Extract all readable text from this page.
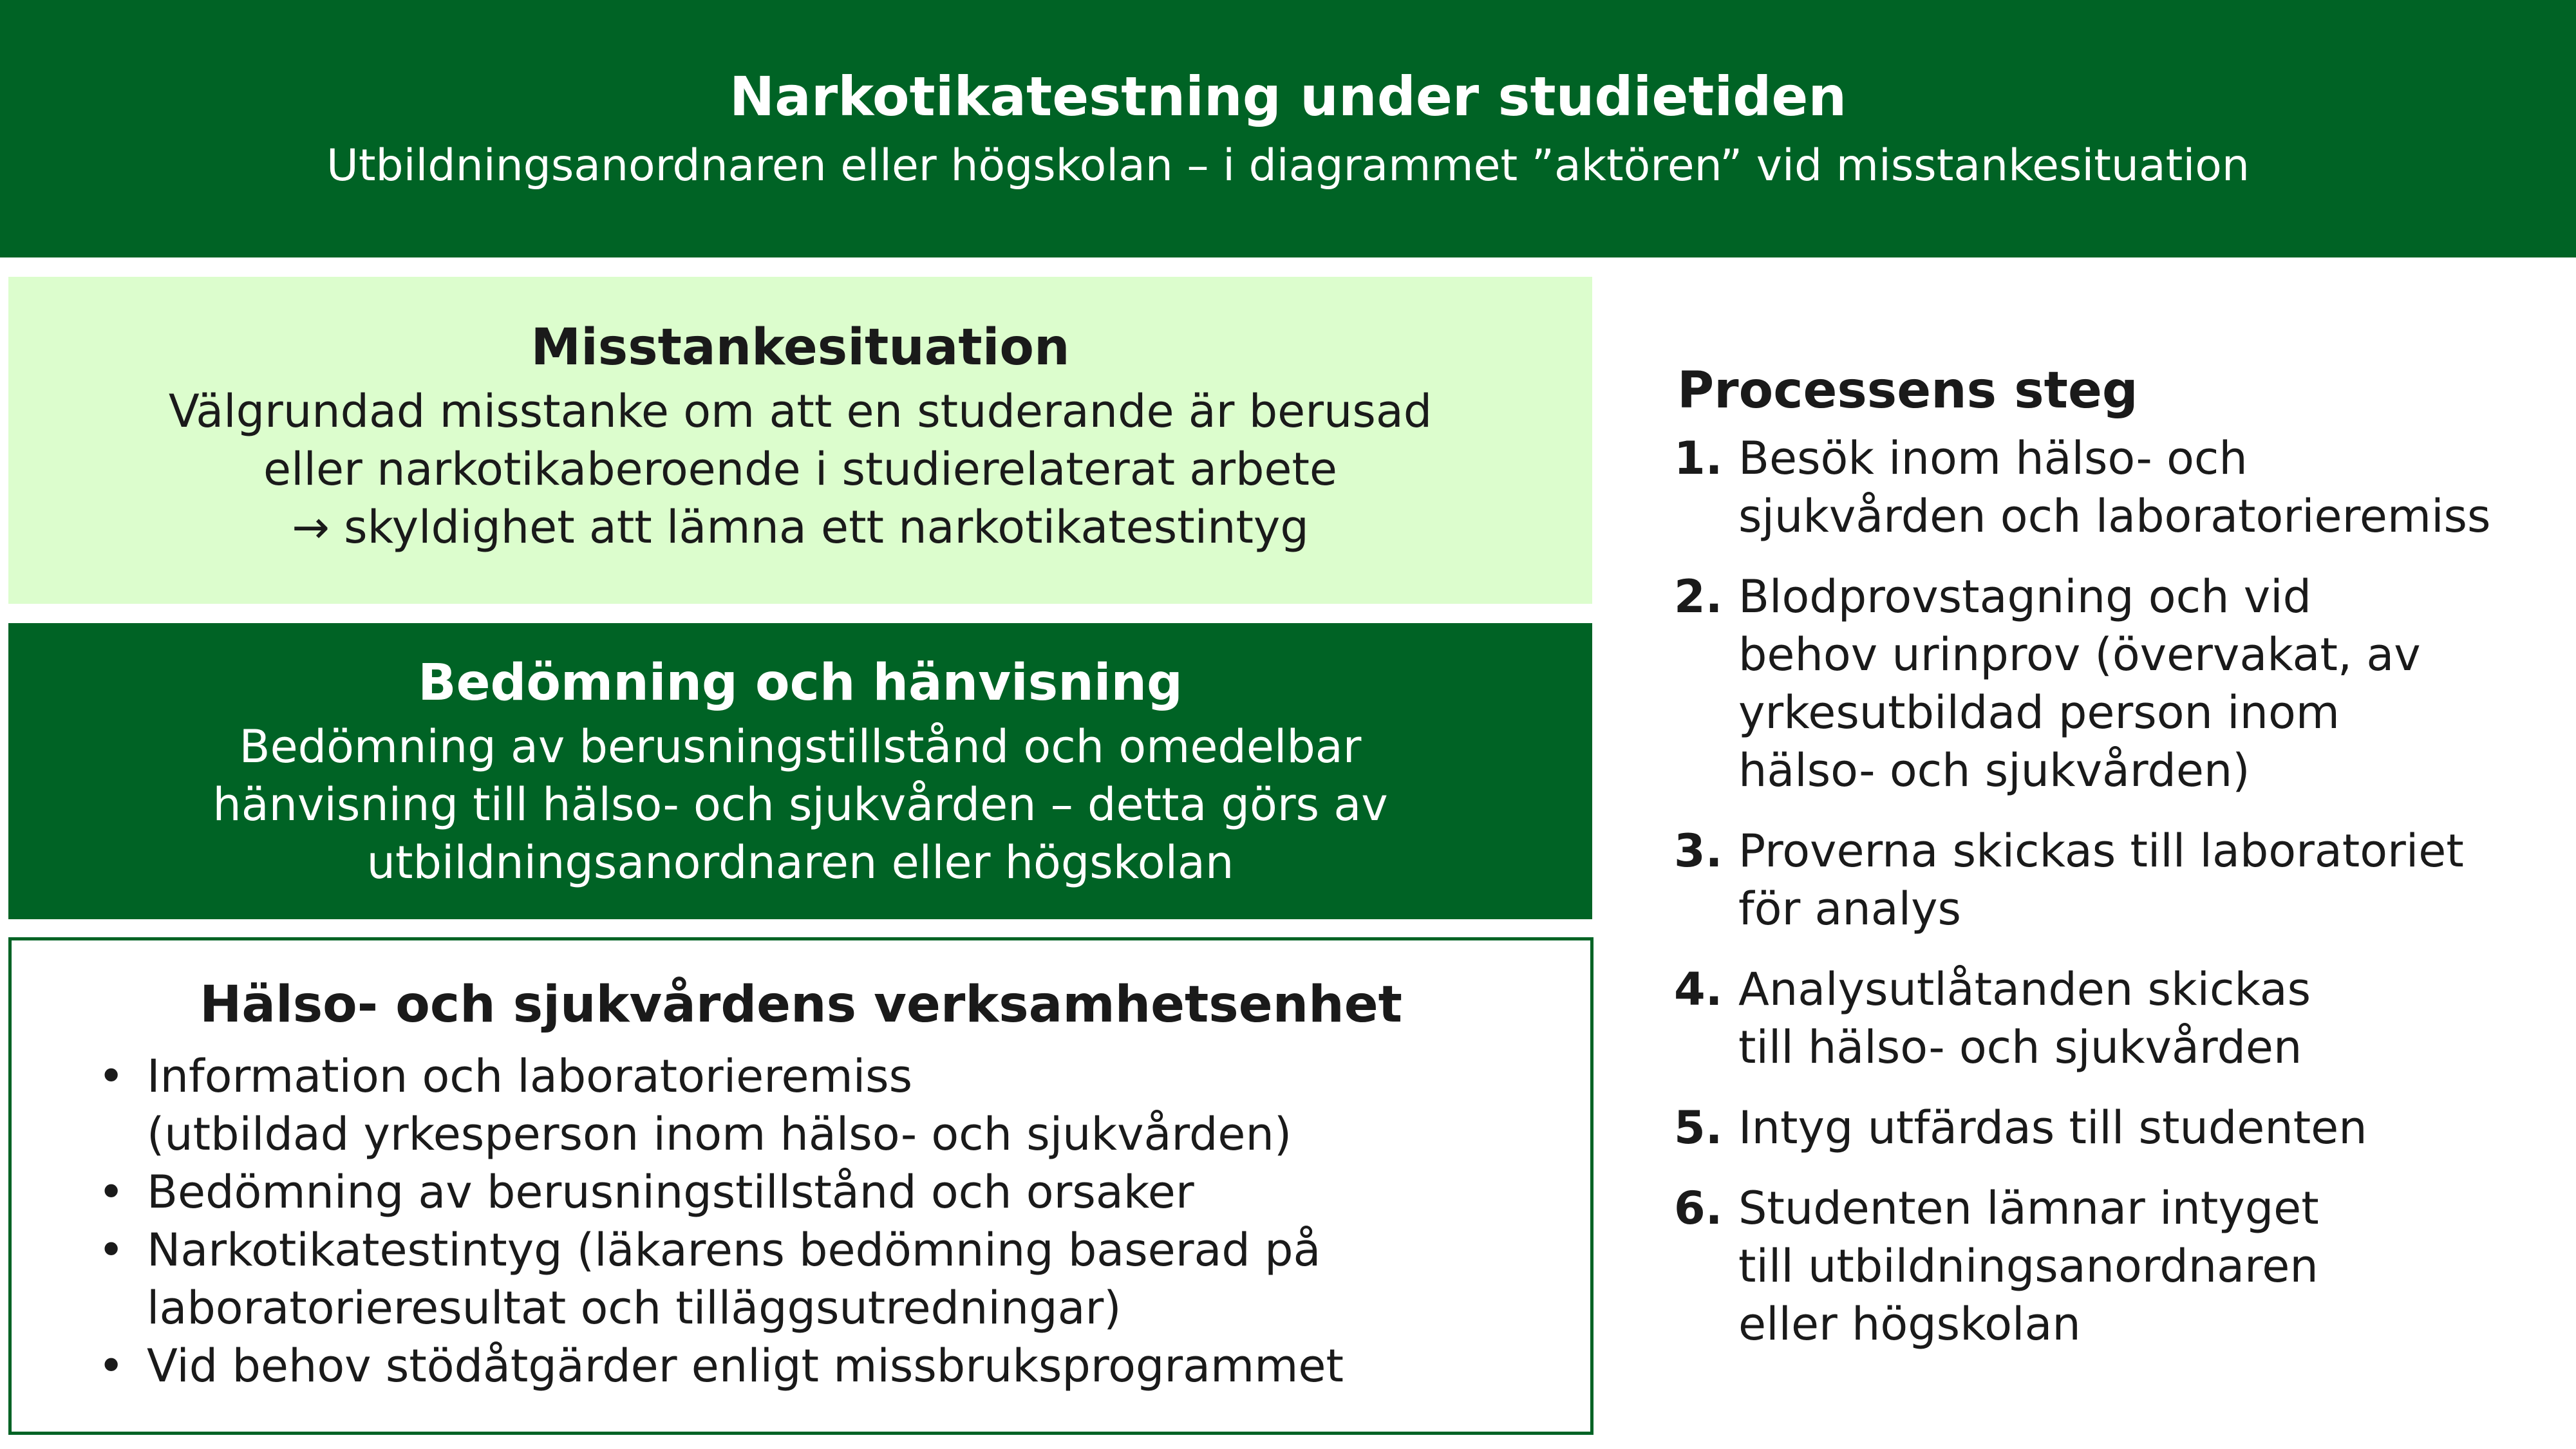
Narkotikatestning under studietiden
Utbildningsanordnaren eller högskolan – i diagrammet ”aktören” vid misstankesituation
Misstankesituation
Välgrundad misstanke om att en studerande är berusad
eller narkotikaberoende i studierelaterat arbete
→ skyldighet att lämna ett narkotikatestintyg
Bedömning och hänvisning
Bedömning av berusningstillstånd och omedelbar
hänvisning till hälso- och sjukvården – detta görs av
utbildningsanordnaren eller högskolan
Hälso- och sjukvårdens verksamhetsenhet
• Information och laboratorieremiss
(utbildad yrkesperson inom hälso- och sjukvården)
• Bedömning av berusningstillstånd och orsaker
• Narkotikatestintyg (läkarens bedömning baserad på
laboratorieresultat och tilläggsutredningar)
• Vid behov stödåtgärder enligt missbruksprogrammet
Processens steg
1. Besök inom hälso- och
sjukvården och laboratorieremiss
2. Blodprovstagning och vid
behov urinprov (övervakat, av
yrkesutbildad person inom
hälso- och sjukvården)
3. Proverna skickas till laboratoriet
för analys
4. Analysutlåtanden skickas
till hälso- och sjukvården
5. Intyg utfärdas till studenten
6. Studenten lämnar intyget
till utbildningsanordnaren
eller högskolan
